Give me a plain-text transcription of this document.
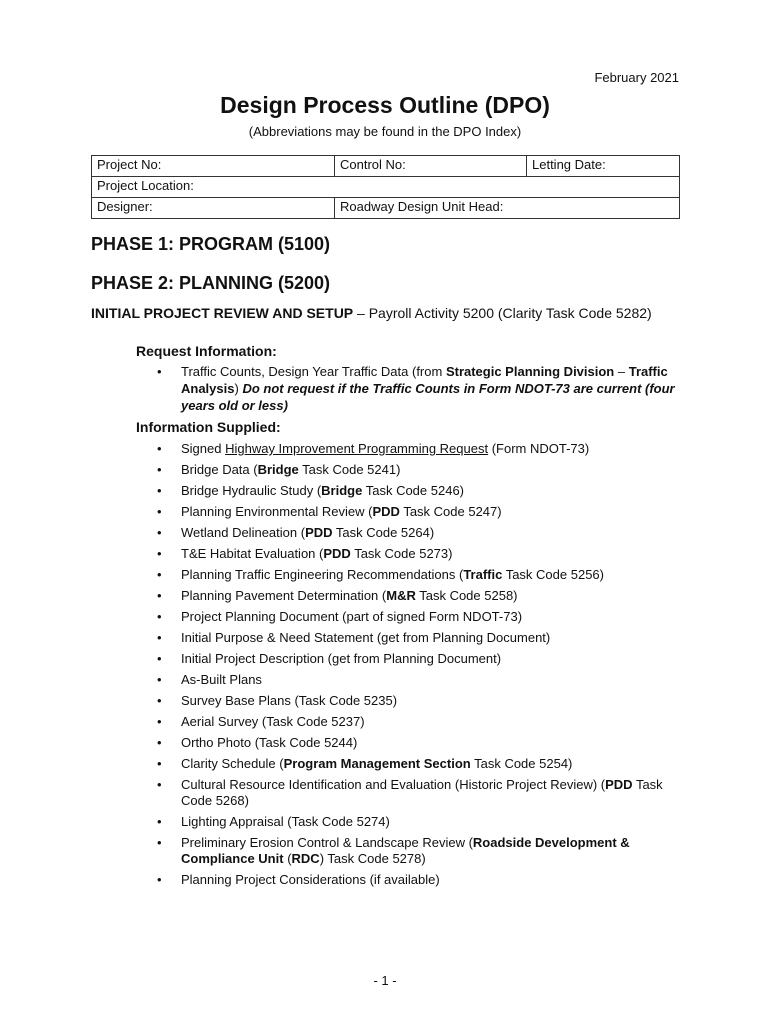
February 2021
Design Process Outline (DPO)
(Abbreviations may be found in the DPO Index)
Project No:	Control No:	Letting Date:
Project Location:		
Designer:	Roadway Design Unit Head:	
PHASE 1: PROGRAM (5100)
PHASE 2: PLANNING (5200)
INITIAL PROJECT REVIEW AND SETUP – Payroll Activity 5200 (Clarity Task Code 5282)
Request Information:
• Traffic Counts, Design Year Traffic Data (from Strategic Planning Division – Traffic Analysis) Do not request if the Traffic Counts in Form NDOT-73 are current (four years old or less)
Information Supplied:
• Signed Highway Improvement Programming Request (Form NDOT-73)
• Bridge Data (Bridge Task Code 5241)
• Bridge Hydraulic Study (Bridge Task Code 5246)
• Planning Environmental Review (PDD Task Code 5247)
• Wetland Delineation (PDD Task Code 5264)
• T&E Habitat Evaluation (PDD Task Code 5273)
• Planning Traffic Engineering Recommendations (Traffic Task Code 5256)
• Planning Pavement Determination (M&R Task Code 5258)
• Project Planning Document (part of signed Form NDOT-73)
• Initial Purpose & Need Statement (get from Planning Document)
• Initial Project Description (get from Planning Document)
• As-Built Plans
• Survey Base Plans (Task Code 5235)
• Aerial Survey (Task Code 5237)
• Ortho Photo (Task Code 5244)
• Clarity Schedule (Program Management Section Task Code 5254)
• Cultural Resource Identification and Evaluation (Historic Project Review) (PDD Task Code 5268)
• Lighting Appraisal (Task Code 5274)
• Preliminary Erosion Control & Landscape Review (Roadside Development & Compliance Unit (RDC) Task Code 5278)
• Planning Project Considerations (if available)
- 1 -
